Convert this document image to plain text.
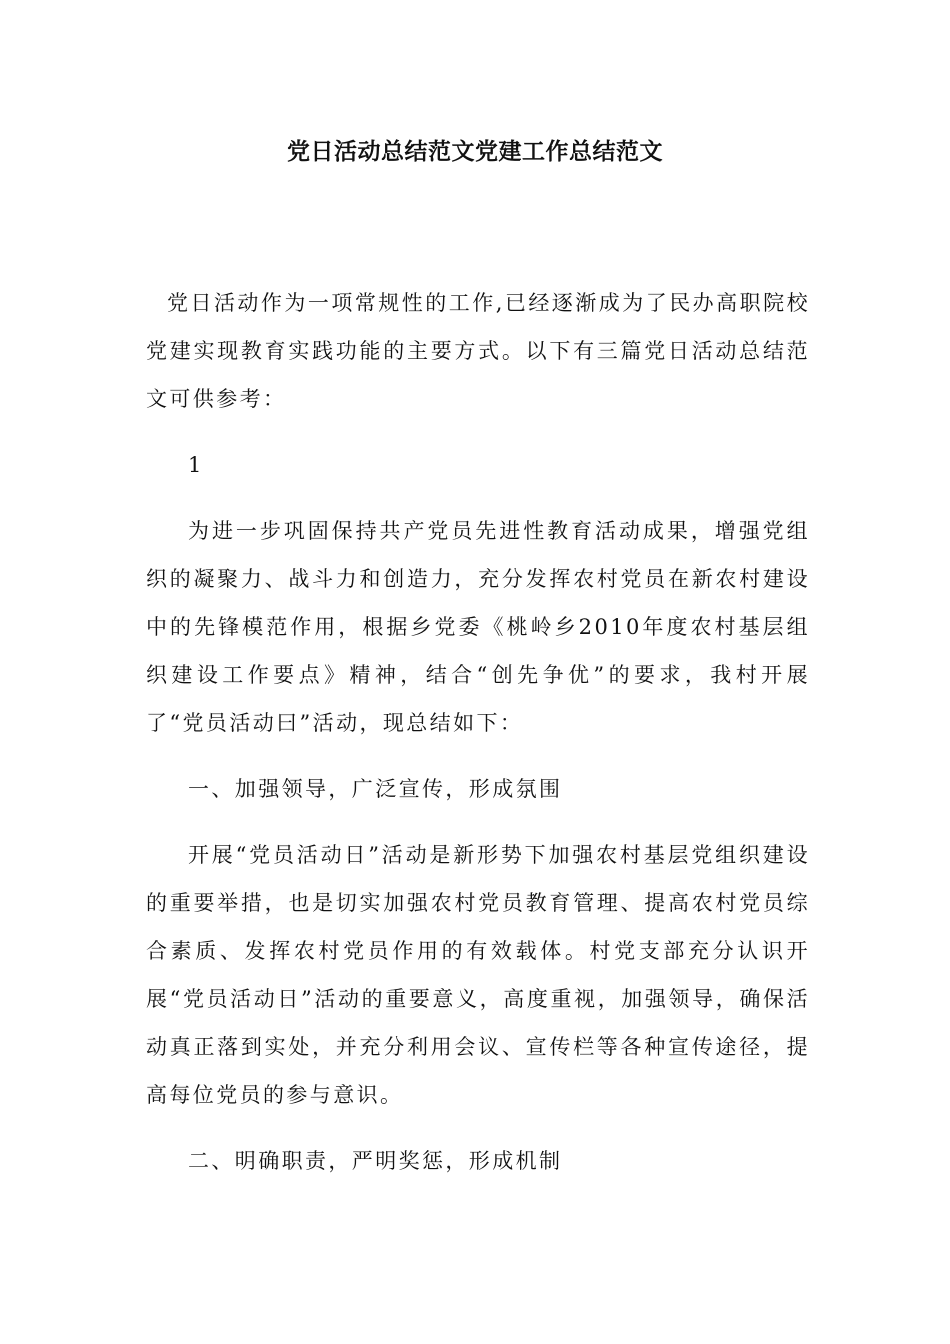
党日活动总结范文党建工作总结范文

党日活动作为一项常规性的工作,已经逐渐成为了民办高职院校党建实现教育实践功能的主要方式。以下有三篇党日活动总结范文可供参考：

1

为进一步巩固保持共产党员先进性教育活动成果，增强党组织的凝聚力、战斗力和创造力，充分发挥农村党员在新农村建设中的先锋模范作用，根据乡党委《桃岭乡2010年度农村基层组织建设工作要点》精神，结合“创先争优”的要求，我村开展了“党员活动曰”活动，现总结如下：

一、加强领导，广泛宣传，形成氛围

开展“党员活动日”活动是新形势下加强农村基层党组织建设的重要举措，也是切实加强农村党员教育管理、提高农村党员综合素质、发挥农村党员作用的有效载体。村党支部充分认识开展“党员活动日”活动的重要意义，高度重视，加强领导，确保活动真正落到实处，并充分利用会议、宣传栏等各种宣传途径，提高每位党员的参与意识。

二、明确职责，严明奖惩，形成机制
